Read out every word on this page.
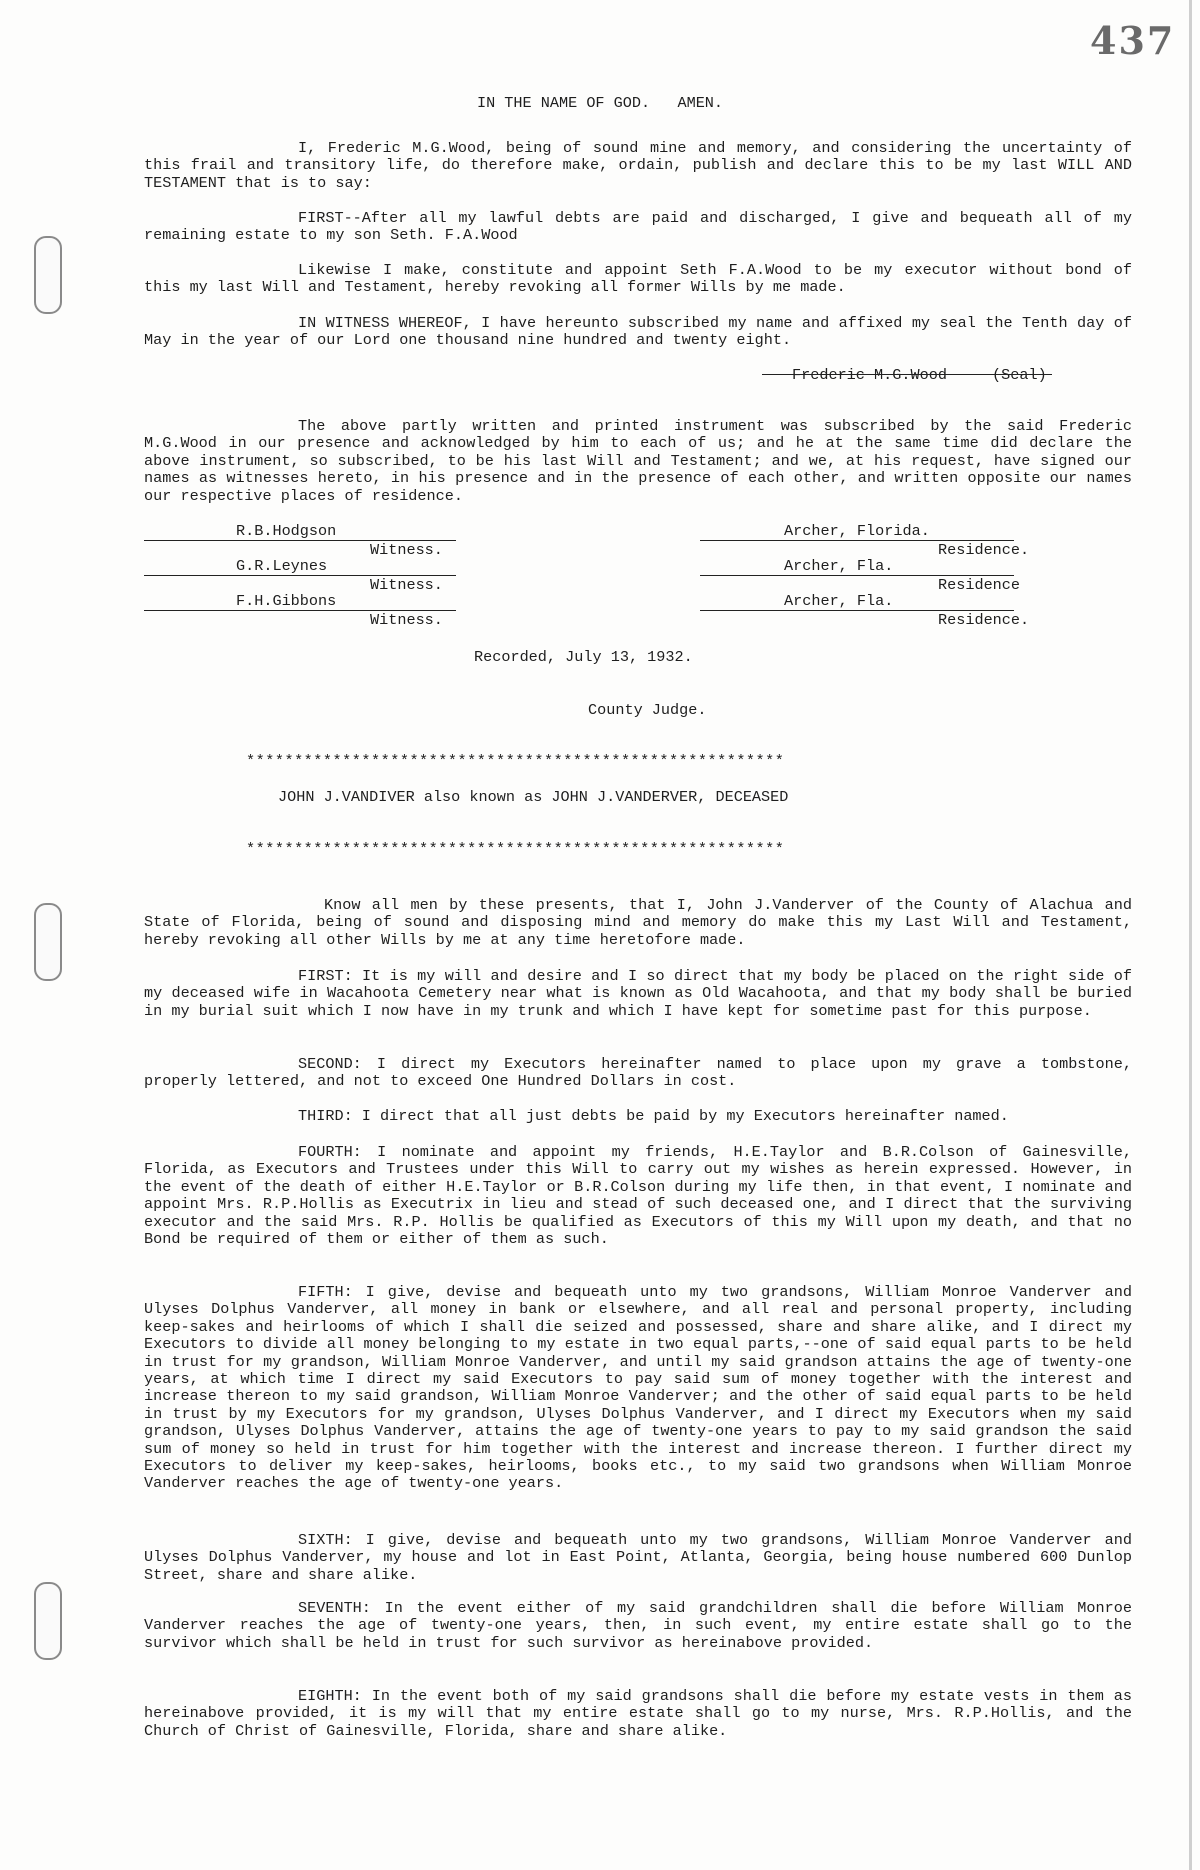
437
IN THE NAME OF GOD.   AMEN.
I, Frederic M.G.Wood, being of sound mine and memory, and considering the uncertainty of this frail and transitory life, do therefore make, ordain, publish and declare this to be my last WILL AND TESTAMENT that is to say:
FIRST--After all my lawful debts are paid and discharged, I give and bequeath all of my remaining estate to my son Seth. F.A.Wood
Likewise I make, constitute and appoint Seth F.A.Wood to be my executor without bond of this my last Will and Testament, hereby revoking all former Wills by me made.
IN WITNESS WHEREOF, I have hereunto subscribed my name and affixed my seal the Tenth day of May in the year of our Lord one thousand nine hundred and twenty eight.
Frederic M.G.Wood	(Seal)
The above partly written and printed instrument was subscribed by the said Frederic M.G.Wood in our presence and acknowledged by him to each of us; and he at the same time did declare the above instrument, so subscribed, to be his last Will and Testament; and we, at his request, have signed our names as witnesses hereto, in his presence and in the presence of each other, and written opposite our names our respective places of residence.
R.B.Hodgson
Witness.
Archer, Florida.
Residence.
G.R.Leynes
Witness.
Archer, Fla.
Residence
F.H.Gibbons
Witness.
Archer, Fla.
Residence.
Recorded, July 13, 1932.
County Judge.
********************************************************
JOHN J.VANDIVER also known as JOHN J.VANDERVER, DECEASED
********************************************************
Know all men by these presents, that I, John J.Vanderver of the County of Alachua and State of Florida, being of sound and disposing mind and memory do make this my Last Will and Testament, hereby revoking all other Wills by me at any time heretofore made.
FIRST: It is my will and desire and I so direct that my body be placed on the right side of my deceased wife in Wacahoota Cemetery near what is known as Old Wacahoota, and that my body shall be buried in my burial suit which I now have in my trunk and which I have kept for sometime past for this purpose.
SECOND: I direct my Executors hereinafter named to place upon my grave a tombstone, properly lettered, and not to exceed One Hundred Dollars in cost.
THIRD: I direct that all just debts be paid by my Executors hereinafter named.
FOURTH: I nominate and appoint my friends, H.E.Taylor and B.R.Colson of Gainesville, Florida, as Executors and Trustees under this Will to carry out my wishes as herein expressed. However, in the event of the death of either H.E.Taylor or B.R.Colson during my life then, in that event, I nominate and appoint Mrs. R.P.Hollis as Executrix in lieu and stead of such deceased one, and I direct that the surviving executor and the said Mrs. R.P. Hollis be qualified as Executors of this my Will upon my death, and that no Bond be required of them or either of them as such.
FIFTH: I give, devise and bequeath unto my two grandsons, William Monroe Vanderver and Ulyses Dolphus Vanderver, all money in bank or elsewhere, and all real and personal property, including keep-sakes and heirlooms of which I shall die seized and possessed, share and share alike, and I direct my Executors to divide all money belonging to my estate in two equal parts,--one of said equal parts to be held in trust for my grandson, William Monroe Vanderver, and until my said grandson attains the age of twenty-one years, at which time I direct my said Executors to pay said sum of money together with the interest and increase thereon to my said grandson, William Monroe Vanderver; and the other of said equal parts to be held in trust by my Executors for my grandson, Ulyses Dolphus Vanderver, and I direct my Executors when my said grandson, Ulyses Dolphus Vanderver, attains the age of twenty-one years to pay to my said grandson the said sum of money so held in trust for him together with the interest and increase thereon. I further direct my Executors to deliver my keep-sakes, heirlooms, books etc., to my said two grandsons when William Monroe Vanderver reaches the age of twenty-one years.
SIXTH: I give, devise and bequeath unto my two grandsons, William Monroe Vanderver and Ulyses Dolphus Vanderver, my house and lot in East Point, Atlanta, Georgia, being house numbered 600 Dunlop Street, share and share alike.
SEVENTH: In the event either of my said grandchildren shall die before William Monroe Vanderver reaches the age of twenty-one years, then, in such event, my entire estate shall go to the survivor which shall be held in trust for such survivor as hereinabove provided.
EIGHTH: In the event both of my said grandsons shall die before my estate vests in them as hereinabove provided, it is my will that my entire estate shall go to my nurse, Mrs. R.P.Hollis, and the Church of Christ of Gainesville, Florida, share and share alike.
